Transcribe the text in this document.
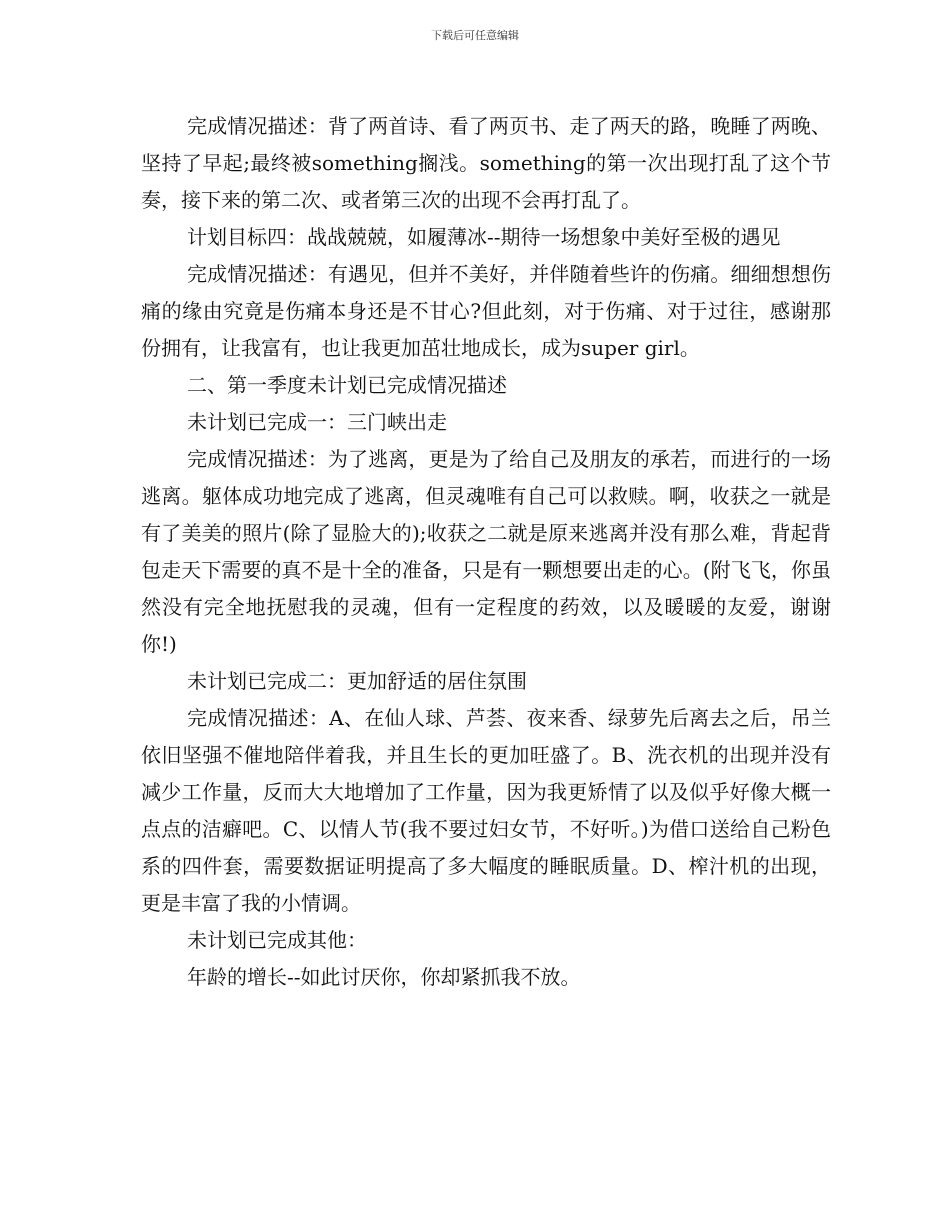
下载后可任意编辑

完成情况描述：背了两首诗、看了两页书、走了两天的路，晚睡了两晚、坚持了早起;最终被something搁浅。something的第一次出现打乱了这个节奏，接下来的第二次、或者第三次的出现不会再打乱了。

计划目标四：战战兢兢，如履薄冰--期待一场想象中美好至极的遇见

完成情况描述：有遇见，但并不美好，并伴随着些许的伤痛。细细想想伤痛的缘由究竟是伤痛本身还是不甘心?但此刻，对于伤痛、对于过往，感谢那份拥有，让我富有，也让我更加茁壮地成长，成为super girl。

二、第一季度未计划已完成情况描述

未计划已完成一：三门峡出走

完成情况描述：为了逃离，更是为了给自己及朋友的承若，而进行的一场逃离。躯体成功地完成了逃离，但灵魂唯有自己可以救赎。啊，收获之一就是有了美美的照片(除了显脸大的);收获之二就是原来逃离并没有那么难，背起背包走天下需要的真不是十全的准备，只是有一颗想要出走的心。(附飞飞，你虽然没有完全地抚慰我的灵魂，但有一定程度的药效，以及暖暖的友爱，谢谢你!)

未计划已完成二：更加舒适的居住氛围

完成情况描述：A、在仙人球、芦荟、夜来香、绿萝先后离去之后，吊兰依旧坚强不催地陪伴着我，并且生长的更加旺盛了。B、洗衣机的出现并没有减少工作量，反而大大地增加了工作量，因为我更矫情了以及似乎好像大概一点点的洁癖吧。C、以情人节(我不要过妇女节，不好听。)为借口送给自己粉色系的四件套，需要数据证明提高了多大幅度的睡眠质量。D、榨汁机的出现，更是丰富了我的小情调。

未计划已完成其他：

年龄的增长--如此讨厌你，你却紧抓我不放。
